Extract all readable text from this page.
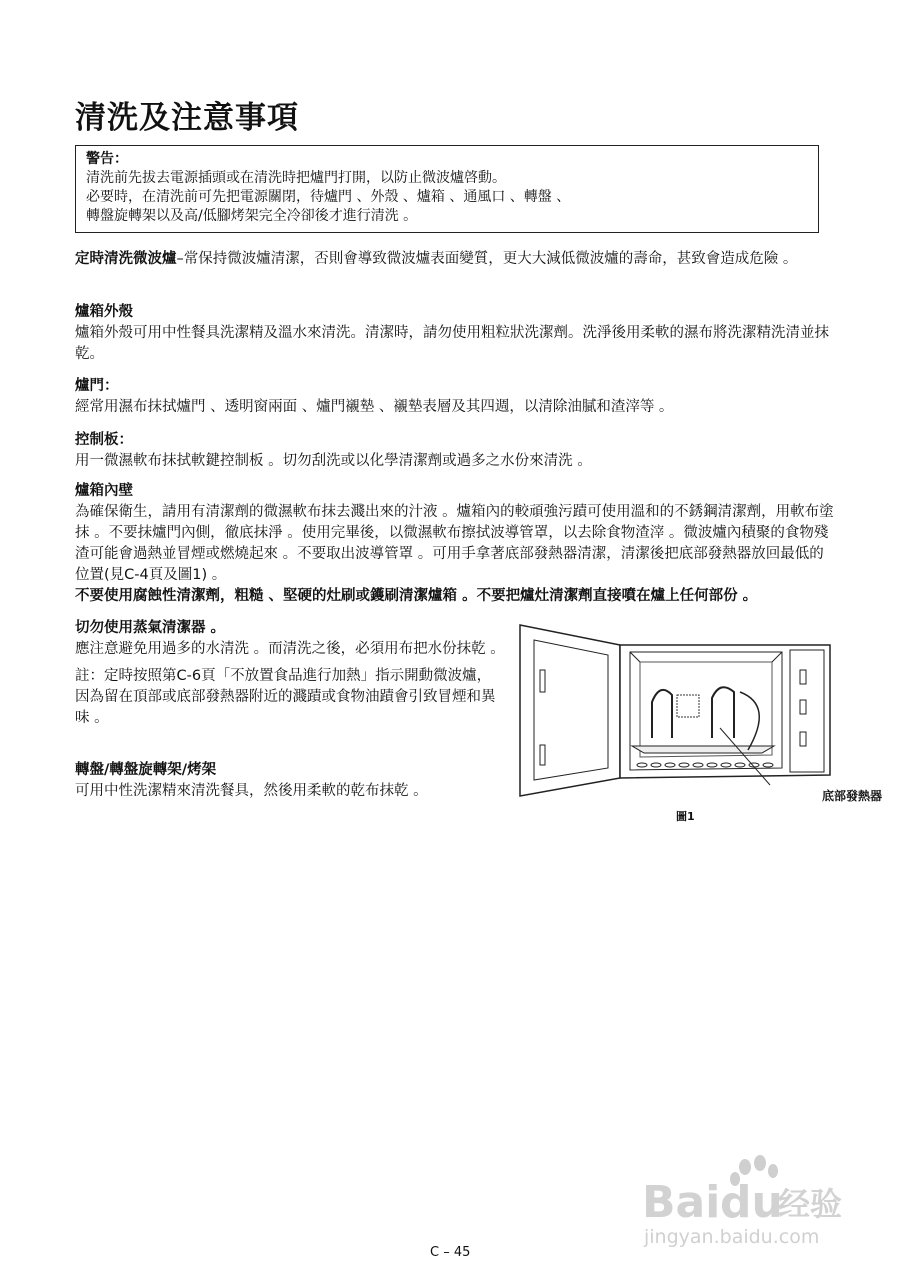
清洗及注意事項
警告：
清洗前先拔去電源插頭或在清洗時把爐門打開，以防止微波爐啓動。
必要時，在清洗前可先把電源關閉，待爐門 、外殼 、爐箱 、通風口 、轉盤 、
轉盤旋轉架以及高/低腳烤架完全冷卻後才進行清洗 。
定時清洗微波爐–常保持微波爐清潔，否則會導致微波爐表面變質，更大大減低微波爐的壽命，甚致會造成危險 。
爐箱外殼
爐箱外殼可用中性餐具洗潔精及溫水來清洗。清潔時，請勿使用粗粒狀洗潔劑。洗淨後用柔軟的濕布將洗潔精洗清並抹乾。
爐門：
經常用濕布抹拭爐門 、透明窗兩面 、爐門襯墊 、襯墊表層及其四週，以清除油膩和渣滓等 。
控制板：
用一微濕軟布抹拭軟鍵控制板 。切勿刮洗或以化學清潔劑或過多之水份來清洗 。
爐箱內壁
為確保衛生，請用有清潔劑的微濕軟布抹去濺出來的汁液 。爐箱內的較頑強污蹟可使用溫和的不銹鋼清潔劑，用軟布塗抹 。不要抹爐門內側，徹底抹淨 。使用完畢後，以微濕軟布擦拭波導管罩，以去除食物渣滓 。微波爐內積聚的食物殘渣可能會過熱並冒煙或燃燒起來 。不要取出波導管罩 。可用手拿著底部發熱器清潔，清潔後把底部發熱器放回最低的位置(見C-4頁及圖1) 。
不要使用腐蝕性清潔劑，粗糙 、堅硬的灶刷或鑊刷清潔爐箱 。不要把爐灶清潔劑直接噴在爐上任何部份 。
切勿使用蒸氣清潔器 。
應注意避免用過多的水清洗 。而清洗之後，必須用布把水份抹乾 。
註：定時按照第C-6頁「不放置食品進行加熱」指示開動微波爐，因為留在頂部或底部發熱器附近的濺蹟或食物油蹟會引致冒煙和異味 。
轉盤/轉盤旋轉架/烤架
可用中性洗潔精來清洗餐具，然後用柔軟的乾布抹乾 。	底部發熱器
圖1
Bai du
经验
jingyan.baidu.com
C – 45
